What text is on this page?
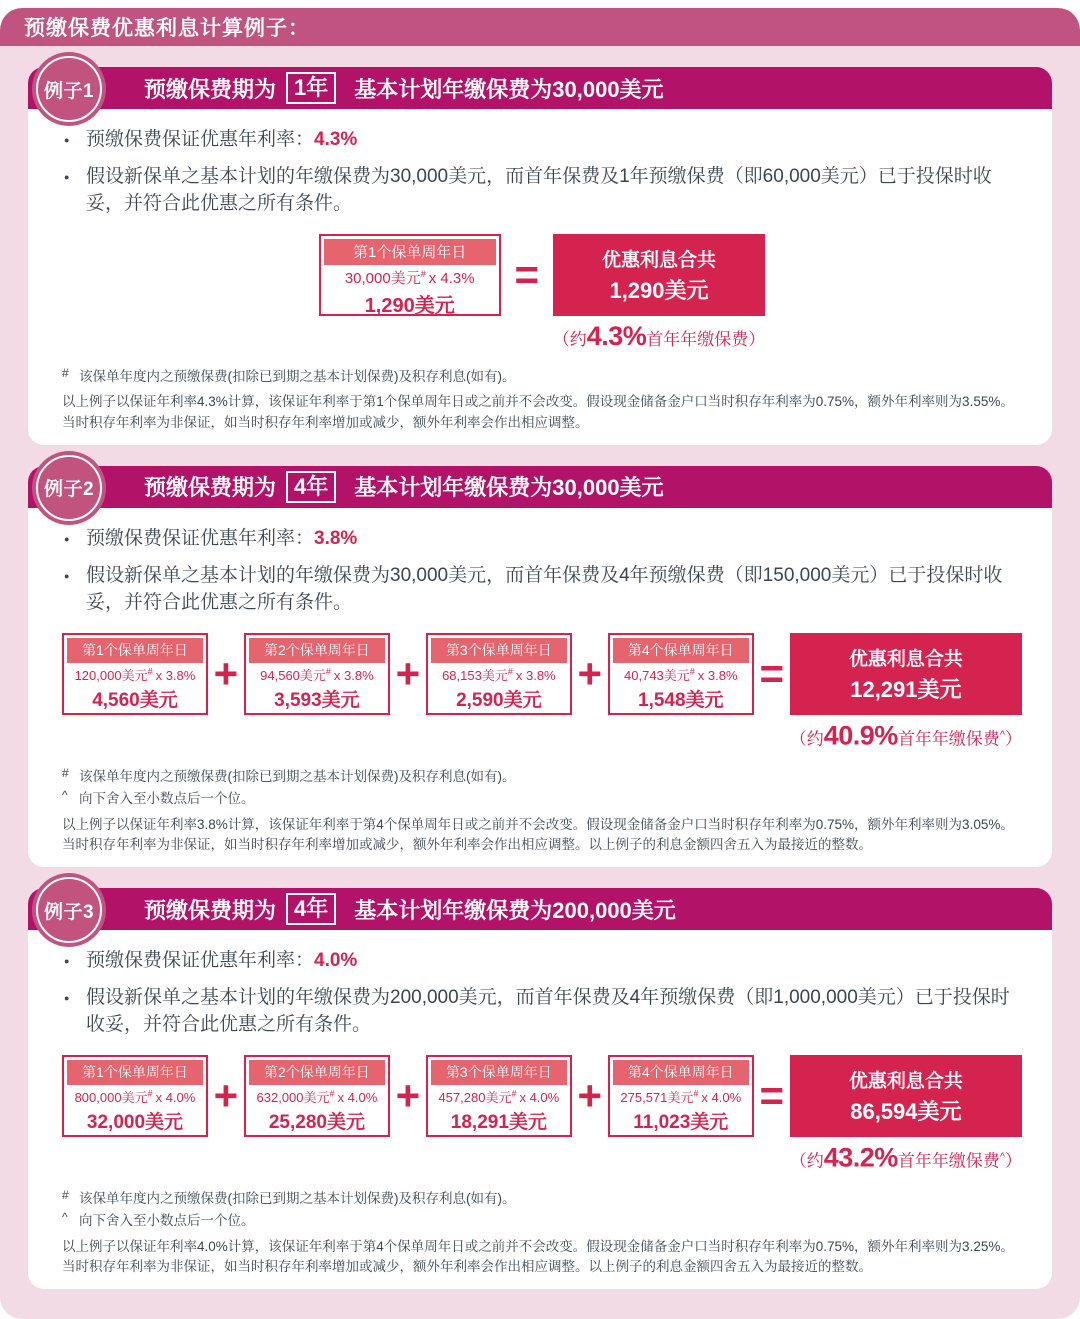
预缴保费优惠利息计算例子：
例子1	预缴保费期为 1年	基本计划年缴保费为30,000美元
● 预缴保费保证优惠年利率：4.3%
● 假设新保单之基本计划的年缴保费为30,000美元，而首年保费及1年预缴保费（即60,000美元）已于投保时收妥，并符合此优惠之所有条件。
第1个保单周年日
30,000美元# x 4.3%
1,290美元
=	优惠利息合共
1,290美元
（约4.3%首年年缴保费）
# 该保单年度内之预缴保费(扣除已到期之基本计划保费)及积存利息(如有)。
以上例子以保证年利率4.3%计算，该保证年利率于第1个保单周年日或之前并不会改变。假设现金储备金户口当时积存年利率为0.75%，额外年利率则为3.55%。当时积存年利率为非保证，如当时积存年利率增加或减少，额外年利率会作出相应调整。
例子2	预缴保费期为 4年	基本计划年缴保费为30,000美元
● 预缴保费保证优惠年利率：3.8%
● 假设新保单之基本计划的年缴保费为30,000美元，而首年保费及4年预缴保费（即150,000美元）已于投保时收妥，并符合此优惠之所有条件。
第1个保单周年日
120,000美元# x 3.8%
4,560美元
+	第2个保单周年日
94,560美元# x 3.8%
3,593美元
+	第3个保单周年日
68,153美元# x 3.8%
2,590美元
+	第4个保单周年日
40,743美元# x 3.8%
1,548美元
=	优惠利息合共
12,291美元
（约40.9%首年年缴保费^）
# 该保单年度内之预缴保费(扣除已到期之基本计划保费)及积存利息(如有)。
^ 向下舍入至小数点后一个位。
以上例子以保证年利率3.8%计算，该保证年利率于第4个保单周年日或之前并不会改变。假设现金储备金户口当时积存年利率为0.75%，额外年利率则为3.05%。当时积存年利率为非保证，如当时积存年利率增加或减少，额外年利率会作出相应调整。以上例子的利息金额四舍五入为最接近的整数。
例子3	预缴保费期为 4年	基本计划年缴保费为200,000美元
● 预缴保费保证优惠年利率：4.0%
● 假设新保单之基本计划的年缴保费为200,000美元，而首年保费及4年预缴保费（即1,000,000美元）已于投保时收妥，并符合此优惠之所有条件。
第1个保单周年日
800,000美元# x 4.0%
32,000美元
+	第2个保单周年日
632,000美元# x 4.0%
25,280美元
+	第3个保单周年日
457,280美元# x 4.0%
18,291美元
+	第4个保单周年日
275,571美元# x 4.0%
11,023美元
=	优惠利息合共
86,594美元
（约43.2%首年年缴保费^）
# 该保单年度内之预缴保费(扣除已到期之基本计划保费)及积存利息(如有)。
^ 向下舍入至小数点后一个位。
以上例子以保证年利率4.0%计算，该保证年利率于第4个保单周年日或之前并不会改变。假设现金储备金户口当时积存年利率为0.75%，额外年利率则为3.25%。当时积存年利率为非保证，如当时积存年利率增加或减少，额外年利率会作出相应调整。以上例子的利息金额四舍五入为最接近的整数。
